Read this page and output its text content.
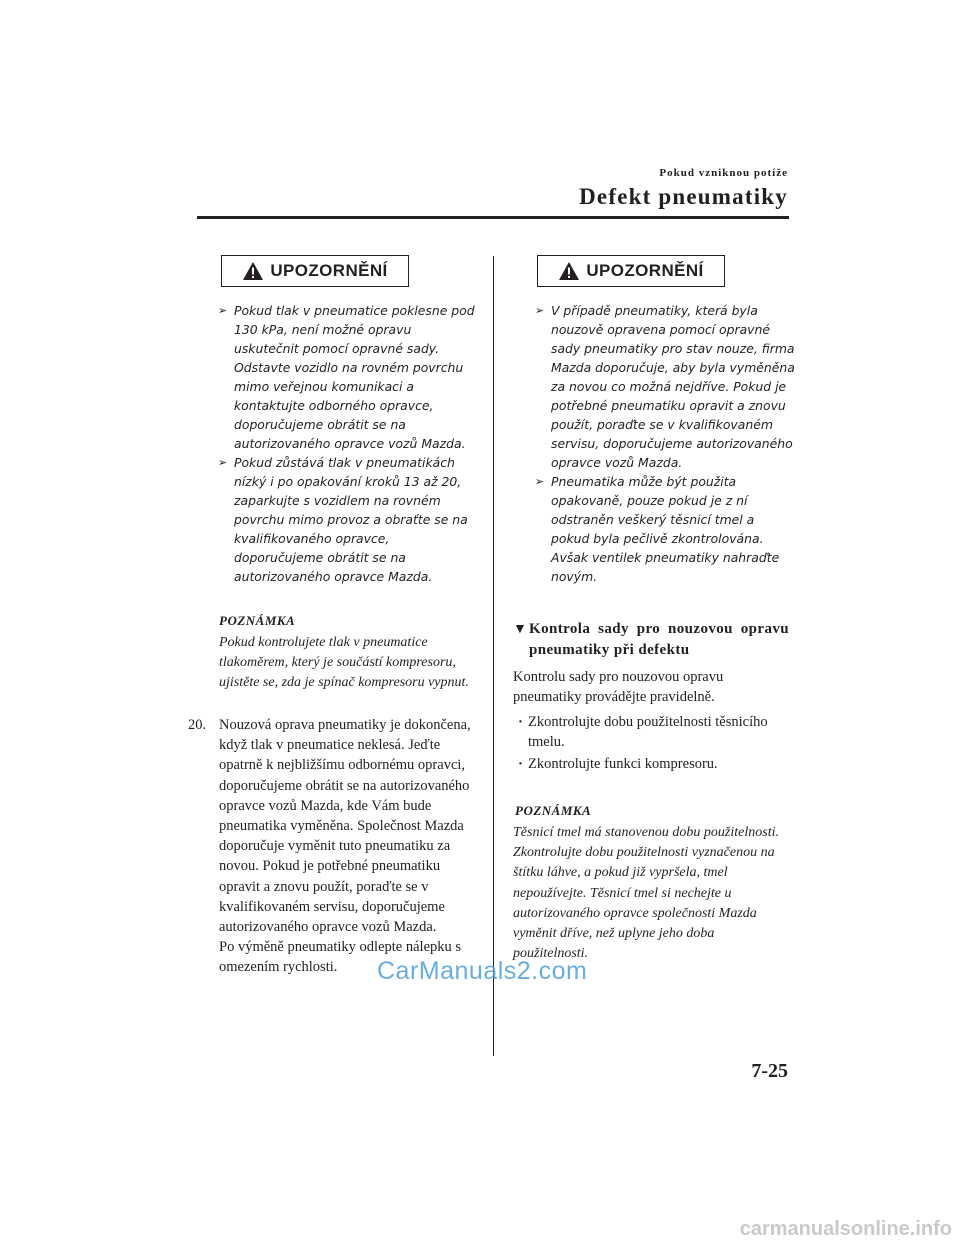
Pokud vzniknou potíže
Defekt pneumatiky
UPOZORNĚNÍ
➢ Pokud tlak v pneumatice poklesne pod 130 kPa, není možné opravu uskutečnit pomocí opravné sady. Odstavte vozidlo na rovném povrchu mimo veřejnou komunikaci a kontaktujte odborného opravce, doporučujeme obrátit se na autorizovaného opravce vozů Mazda.
➢ Pokud zůstává tlak v pneumatikách nízký i po opakování kroků 13 až 20, zaparkujte s vozidlem na rovném povrchu mimo provoz a obraťte se na kvalifikovaného opravce, doporučujeme obrátit se na autorizovaného opravce Mazda.
POZNÁMKA
Pokud kontrolujete tlak v pneumatice tlakoměrem, který je součástí kompresoru, ujistěte se, zda je spínač kompresoru vypnut.
20. Nouzová oprava pneumatiky je dokončena, když tlak v pneumatice neklesá. Jeďte opatrně k nejbližšímu odbornému opravci, doporučujeme obrátit se na autorizovaného opravce vozů Mazda, kde Vám bude pneumatika vyměněna. Společnost Mazda doporučuje vyměnit tuto pneumatiku za novou. Pokud je potřebné pneumatiku opravit a znovu použít, poraďte se v kvalifikovaném servisu, doporučujeme autorizovaného opravce vozů Mazda.
Po výměně pneumatiky odlepte nálepku s omezením rychlosti.
UPOZORNĚNÍ
➢ V případě pneumatiky, která byla nouzově opravena pomocí opravné sady pneumatiky pro stav nouze, firma Mazda doporučuje, aby byla vyměněna za novou co možná nejdříve. Pokud je potřebné pneumatiku opravit a znovu použít, poraďte se v kvalifikovaném servisu, doporučujeme autorizovaného opravce vozů Mazda.
➢ Pneumatika může být použita opakovaně, pouze pokud je z ní odstraněn veškerý těsnicí tmel a pokud byla pečlivě zkontrolována. Avšak ventilek pneumatiky nahraďte novým.
▼ Kontrola sady pro nouzovou opravu pneumatiky při defektu
Kontrolu sady pro nouzovou opravu pneumatiky provádějte pravidelně.
· Zkontrolujte dobu použitelnosti těsnicího tmelu.
· Zkontrolujte funkci kompresoru.
POZNÁMKA
Těsnicí tmel má stanovenou dobu použitelnosti. Zkontrolujte dobu použitelnosti vyznačenou na štítku láhve, a pokud již vypršela, tmel nepoužívejte. Těsnicí tmel si nechejte u autorizovaného opravce společnosti Mazda vyměnit dříve, než uplyne jeho doba použitelnosti.
7-25
CarManuals2.com
carmanualsonline.info
